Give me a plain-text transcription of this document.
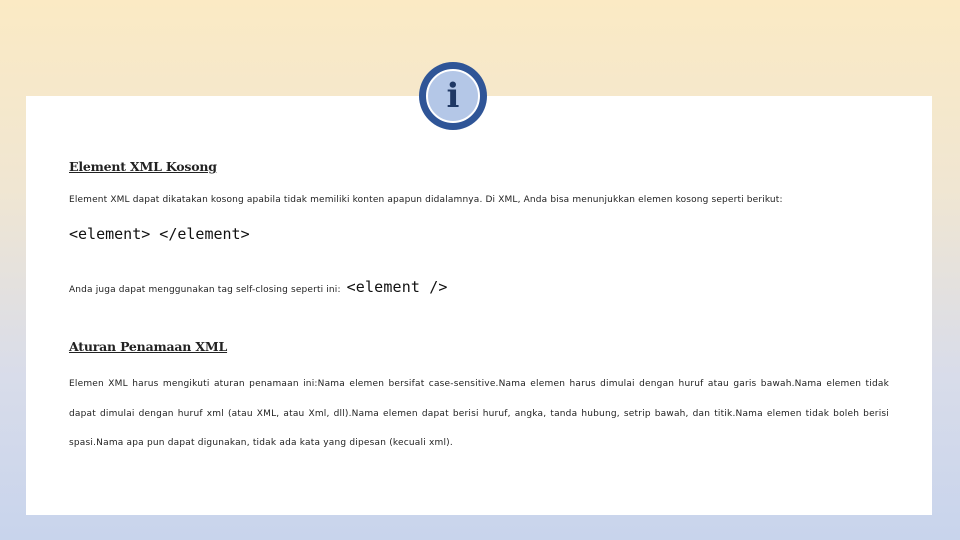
i
Element XML Kosong

Element XML dapat dikatakan kosong apabila tidak memiliki konten apapun didalamnya. Di XML, Anda bisa menunjukkan elemen kosong seperti berikut:

<element> </element>

Anda juga dapat menggunakan tag self-closing seperti ini: <element />

Aturan Penamaan XML

Elemen XML harus mengikuti aturan penamaan ini:Nama elemen bersifat case-sensitive.Nama elemen harus dimulai dengan huruf atau garis bawah.Nama elemen tidak dapat dimulai dengan huruf xml (atau XML, atau Xml, dll).Nama elemen dapat berisi huruf, angka, tanda hubung, setrip bawah, dan titik.Nama elemen tidak boleh berisi spasi.Nama apa pun dapat digunakan, tidak ada kata yang dipesan (kecuali xml).
